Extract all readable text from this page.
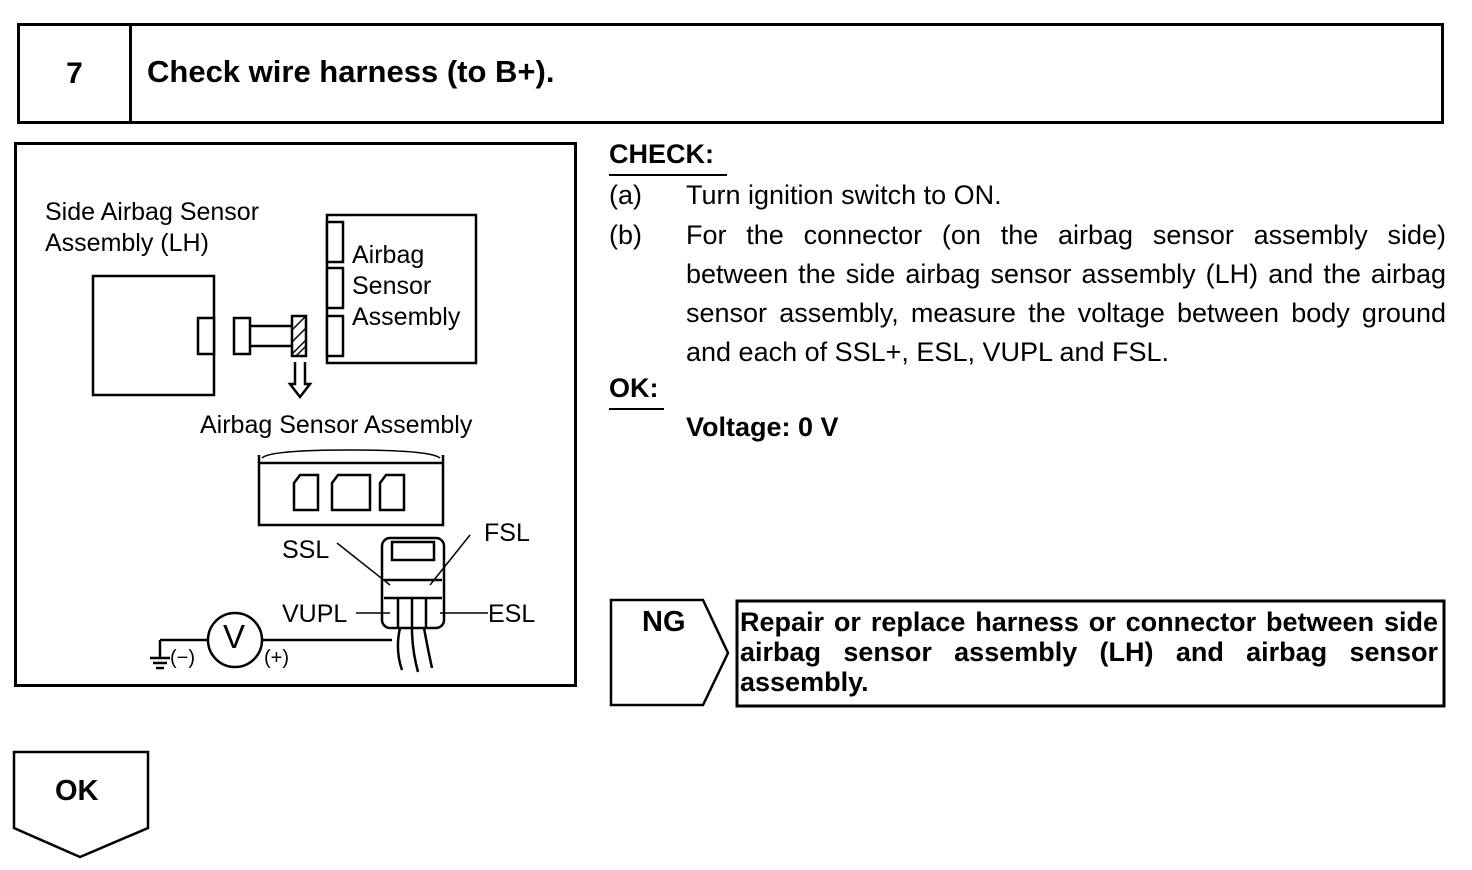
7	Check wire harness (to B+).
Side Airbag Sensor
Assembly (LH)	Airbag
Sensor
Assembly
Airbag Sensor Assembly
SSL
FSL
VUPL	ESL
V
(−)	(+)
CHECK:
(a) Turn ignition switch to ON.
(b) For the connector (on the airbag sensor assembly side) between the side airbag sensor assembly (LH) and the airbag sensor assembly, measure the voltage between body ground and each of SSL+, ESL, VUPL and FSL.
OK:
Voltage: 0 V
NG Repair or replace harness or connector between side airbag sensor assembly (LH) and airbag sensor assembly.
OK
